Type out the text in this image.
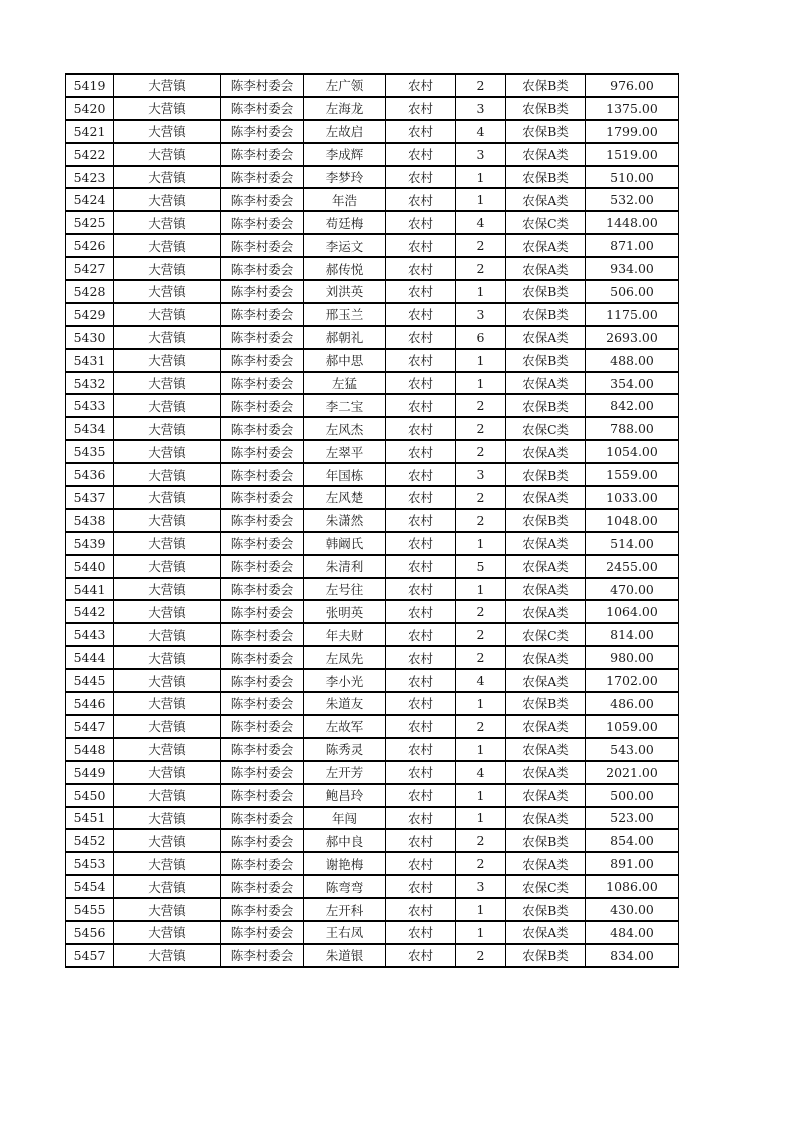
5419	大营镇	陈李村委会	左广领	农村	2	农保B类	976.00
5420	大营镇	陈李村委会	左海龙	农村	3	农保B类	1375.00
5421	大营镇	陈李村委会	左故启	农村	4	农保B类	1799.00
5422	大营镇	陈李村委会	李成辉	农村	3	农保A类	1519.00
5423	大营镇	陈李村委会	李梦玲	农村	1	农保B类	510.00
5424	大营镇	陈李村委会	年浩	农村	1	农保A类	532.00
5425	大营镇	陈李村委会	苟廷梅	农村	4	农保C类	1448.00
5426	大营镇	陈李村委会	李运文	农村	2	农保A类	871.00
5427	大营镇	陈李村委会	郝传悦	农村	2	农保A类	934.00
5428	大营镇	陈李村委会	刘洪英	农村	1	农保B类	506.00
5429	大营镇	陈李村委会	邢玉兰	农村	3	农保B类	1175.00
5430	大营镇	陈李村委会	郝朝礼	农村	6	农保A类	2693.00
5431	大营镇	陈李村委会	郝中思	农村	1	农保B类	488.00
5432	大营镇	陈李村委会	左猛	农村	1	农保A类	354.00
5433	大营镇	陈李村委会	李二宝	农村	2	农保B类	842.00
5434	大营镇	陈李村委会	左风杰	农村	2	农保C类	788.00
5435	大营镇	陈李村委会	左翠平	农村	2	农保A类	1054.00
5436	大营镇	陈李村委会	年国栋	农村	3	农保B类	1559.00
5437	大营镇	陈李村委会	左风楚	农村	2	农保A类	1033.00
5438	大营镇	陈李村委会	朱潇然	农村	2	农保B类	1048.00
5439	大营镇	陈李村委会	韩阚氏	农村	1	农保A类	514.00
5440	大营镇	陈李村委会	朱清利	农村	5	农保A类	2455.00
5441	大营镇	陈李村委会	左号往	农村	1	农保A类	470.00
5442	大营镇	陈李村委会	张明英	农村	2	农保A类	1064.00
5443	大营镇	陈李村委会	年夫财	农村	2	农保C类	814.00
5444	大营镇	陈李村委会	左凤先	农村	2	农保A类	980.00
5445	大营镇	陈李村委会	李小光	农村	4	农保A类	1702.00
5446	大营镇	陈李村委会	朱道友	农村	1	农保B类	486.00
5447	大营镇	陈李村委会	左故军	农村	2	农保A类	1059.00
5448	大营镇	陈李村委会	陈秀灵	农村	1	农保A类	543.00
5449	大营镇	陈李村委会	左开芳	农村	4	农保A类	2021.00
5450	大营镇	陈李村委会	鲍昌玲	农村	1	农保A类	500.00
5451	大营镇	陈李村委会	年闯	农村	1	农保A类	523.00
5452	大营镇	陈李村委会	郝中良	农村	2	农保B类	854.00
5453	大营镇	陈李村委会	谢艳梅	农村	2	农保A类	891.00
5454	大营镇	陈李村委会	陈弯弯	农村	3	农保C类	1086.00
5455	大营镇	陈李村委会	左开科	农村	1	农保B类	430.00
5456	大营镇	陈李村委会	王右凤	农村	1	农保A类	484.00
5457	大营镇	陈李村委会	朱道银	农村	2	农保B类	834.00
